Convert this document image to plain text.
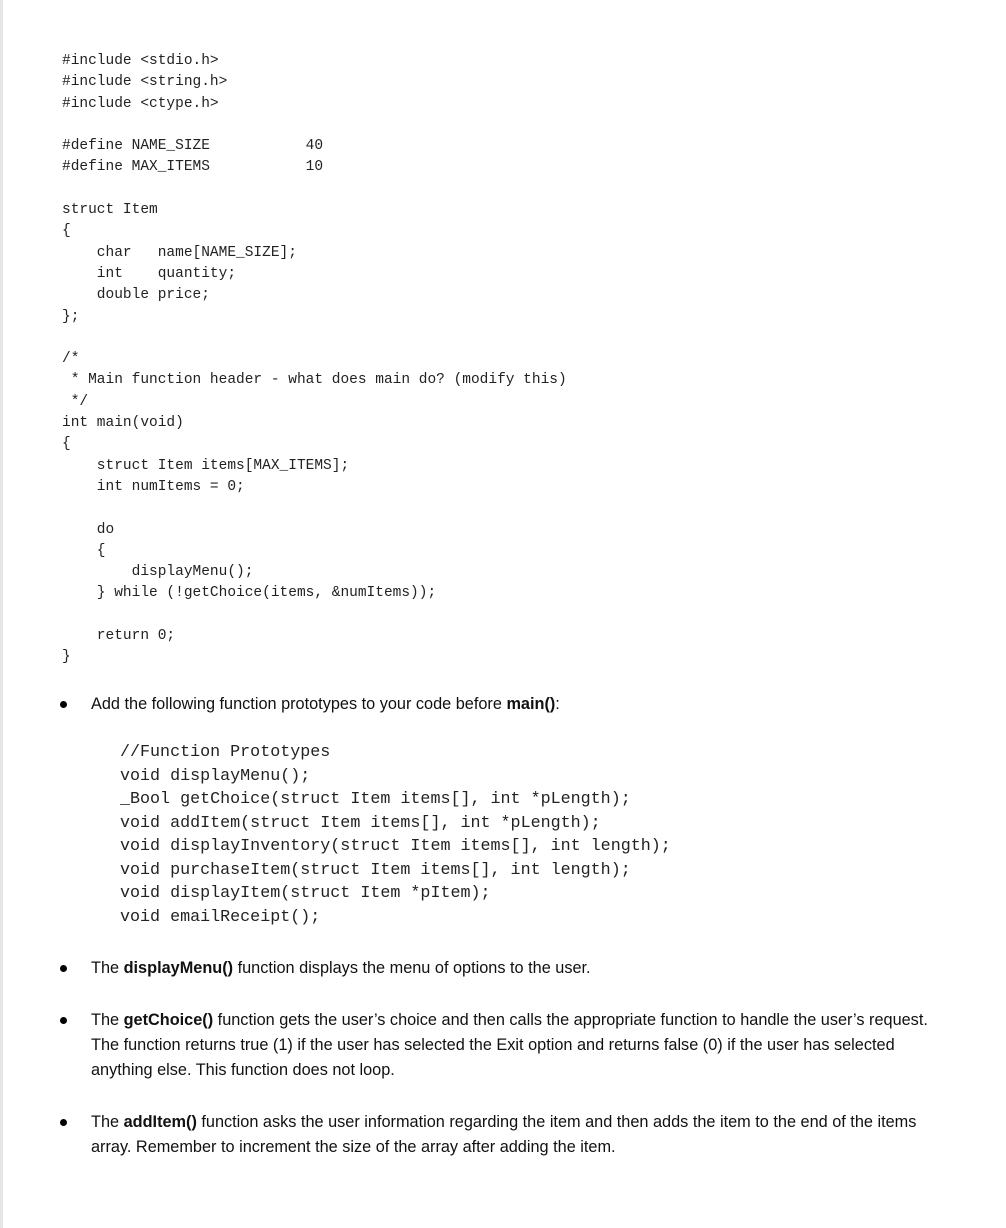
#include <stdio.h>
#include <string.h>
#include <ctype.h>
#define NAME_SIZE           40
#define MAX_ITEMS           10
struct Item
{
char   name[NAME_SIZE];
int    quantity;
double price;
};
/*
* Main function header - what does main do? (modify this)
*/
int main(void)
{
struct Item items[MAX_ITEMS];
int numItems = 0;
do
{
displayMenu();
} while (!getChoice(items, &numItems));
return 0;
}
Add the following function prototypes to your code before main():
//Function Prototypes
void displayMenu();
_Bool getChoice(struct Item items[], int *pLength);
void addItem(struct Item items[], int *pLength);
void displayInventory(struct Item items[], int length);
void purchaseItem(struct Item items[], int length);
void displayItem(struct Item *pItem);
void emailReceipt();
The displayMenu() function displays the menu of options to the user.
The getChoice() function gets the user’s choice and then calls the appropriate function to handle the user’s request. The function returns true (1) if the user has selected the Exit option and returns false (0) if the user has selected anything else. This function does not loop.
The addItem() function asks the user information regarding the item and then adds the item to the end of the items array. Remember to increment the size of the array after adding the item.
